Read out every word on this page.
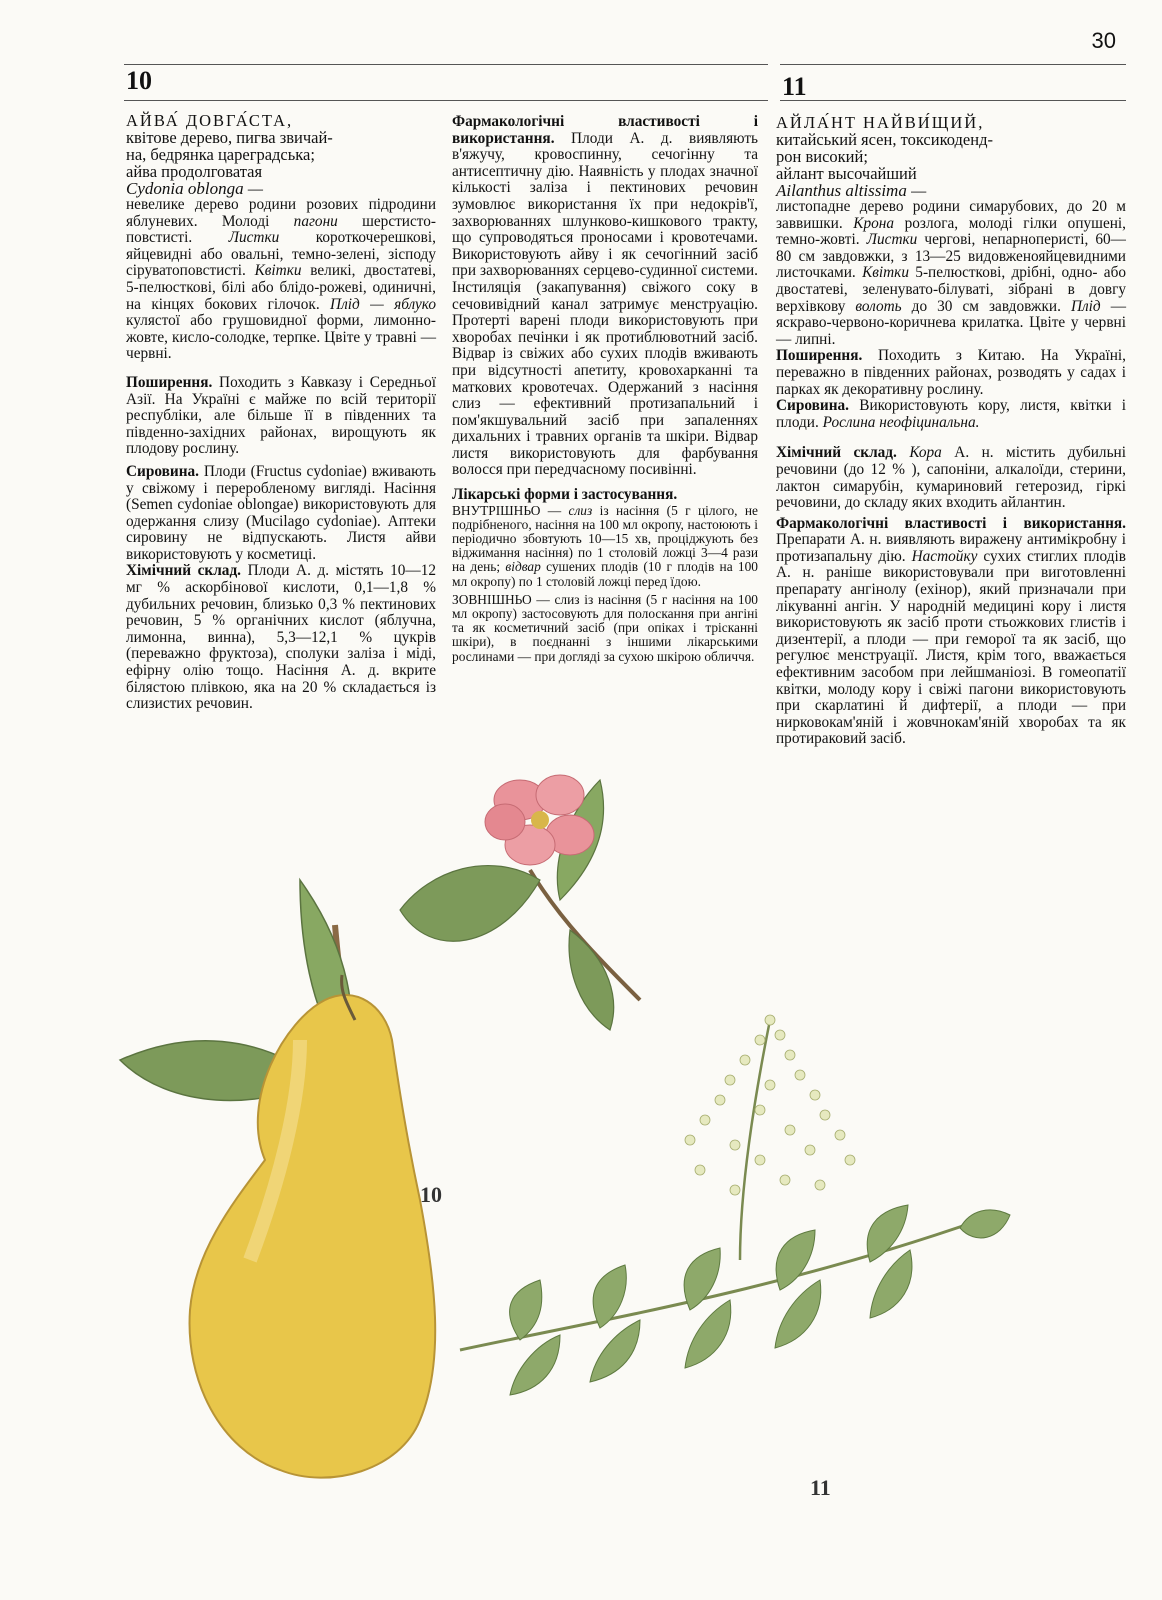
30
10	11
АЙВА́ ДОВГА́СТА,
квітове дерево, пигва звичай-
на, бедрянка цареградська;
айва продолговатая
Cydonia oblonga —

невелике дерево родини розових підродини яблуневих. Молоді пагони шерстисто-повстисті. Листки короткочерешкові, яйцевидні або овальні, темно-зелені, зісподу сіруватоповстисті. Квітки великі, двостатеві, 5-пелюсткові, білі або блідо-рожеві, одиничні, на кінцях бокових гілочок. Плід — яблуко кулястої або грушовидної форми, лимонно-жовте, кисло-солодке, терпке. Цвіте у травні — червні.

Поширення. Походить з Кавказу і Середньої Азії. На Україні є майже по всій території республіки, але більше її в південних та південно-західних районах, вирощують як плодову рослину.

Сировина. Плоди (Fructus cydoniae) вживають у свіжому і переробленому вигляді. Насіння (Semen cydoniae oblongae) використовують для одержання слизу (Mucilago cydoniae). Аптеки сировину не відпускають. Листя айви використовують у косметиці.

Хімічний склад. Плоди А. д. містять 10—12 мг % аскорбінової кислоти, 0,1—1,8 % дубильних речовин, близько 0,3 % пектинових речовин, 5 % органічних кислот (яблучна, лимонна, винна), 5,3—12,1 % цукрів (переважно фруктоза), сполуки заліза і міді, ефірну олію тощо. Насіння А. д. вкрите білястою плівкою, яка на 20 % складається із слизистих речовин.

Фармакологічні властивості і використання. Плоди А. д. виявляють в'яжучу, кровоспинну, сечогінну та антисептичну дію. Наявність у плодах значної кількості заліза і пектинових речовин зумовлює використання їх при недокрів'ї, захворюваннях шлунково-кишкового тракту, що супроводяться проносами і кровотечами. Використовують айву і як сечогінний засіб при захворюваннях серцево-судинної системи. Інстиляція (закапування) свіжого соку в сечовивідний канал затримує менструацію. Протерті варені плоди використовують при хворобах печінки і як протиблювотний засіб. Відвар із свіжих або сухих плодів вживають при відсутності апетиту, кровохарканні та маткових кровотечах. Одержаний з насіння слиз — ефективний протизапальний і пом'якшувальний засіб при запаленнях дихальних і травних органів та шкіри. Відвар листя використовують для фарбування волосся при передчасному посивінні.

Лікарські форми і застосування.

ВНУТРІШНЬО — слиз із насіння (5 г цілого, не подрібненого, насіння на 100 мл окропу, настоюють і періодично збовтують 10—15 хв, проціджують без віджимання насіння) по 1 столовій ложці 3—4 рази на день; відвар сушених плодів (10 г плодів на 100 мл окропу) по 1 столовій ложці перед їдою.

ЗОВНІШНЬО — слиз із насіння (5 г насіння на 100 мл окропу) застосовують для полоскання при ангіні та як косметичний засіб (при опіках і трісканні шкіри), в поєднанні з іншими лікарськими рослинами — при догляді за сухою шкірою обличчя.

АЙЛА́НТ НАЙВИ́ЩИЙ,
китайський ясен, токсикоденд-
рон високий;
айлант высочайший
Ailanthus altissima —

листопадне дерево родини симарубових, до 20 м заввишки. Крона розлога, молоді гілки опушені, темно-жовті. Листки чергові, непарноперисті, 60—80 см завдовжки, з 13—25 видовженояйцевидними листочками. Квітки 5-пелюсткові, дрібні, одно- або двостатеві, зеленувато-білуваті, зібрані в довгу верхівкову волоть до 30 см завдовжки. Плід — яскраво-червоно-коричнева крилатка. Цвіте у червні — липні.

Поширення. Походить з Китаю. На Україні, переважно в південних районах, розводять у садах і парках як декоративну рослину.

Сировина. Використовують кору, листя, квітки і плоди. Рослина неофіцинальна.

Хімічний склад. Кора А. н. містить дубильні речовини (до 12 % ), сапоніни, алкалоїди, стерини, лактон симарубін, кумариновий гетерозид, гіркі речовини, до складу яких входить айлантин.

Фармакологічні властивості і використання. Препарати А. н. виявляють виражену антимікробну і протизапальну дію. Настойку сухих стиглих плодів А. н. раніше використовували при виготовленні препарату ангінолу (ехінор), який призначали при лікуванні ангін. У народній медицині кору і листя використовують як засіб проти стьожкових глистів і дизентерії, а плоди — при геморої та як засіб, що регулює менструації. Листя, крім того, вважається ефективним засобом при лейшманіозі. В гомеопатії квітки, молоду кору і свіжі пагони використовують при скарлатині й дифтерії, а плоди — при нирковокам'яній і жовчнокам'яній хворобах та як протираковий засіб.

10
11
